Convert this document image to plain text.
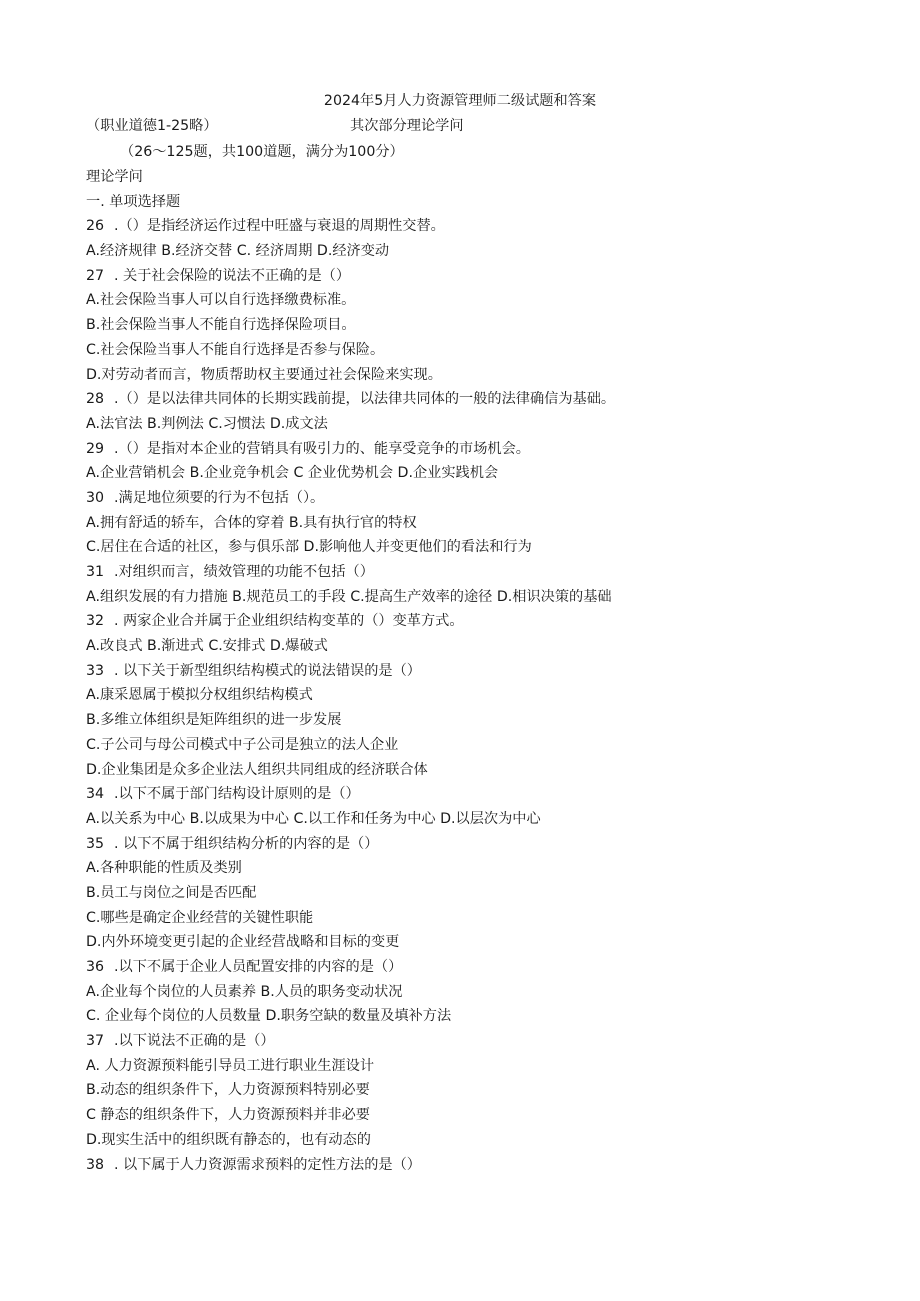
2024年5月人力资源管理师二级试题和答案
（职业道德1-25略）	其次部分理论学问
（26〜125题，共100道题，满分为100分）
理论学问
一. 单项选择题
26 .（）是指经济运作过程中旺盛与衰退的周期性交替。
A.经济规律 B.经济交替 C. 经济周期 D.经济变动
27 . 关于社会保险的说法不正确的是（）
A.社会保险当事人可以自行选择缴费标准。
B.社会保险当事人不能自行选择保险项目。
C.社会保险当事人不能自行选择是否参与保险。
D.对劳动者而言，物质帮助权主要通过社会保险来实现。
28 .（）是以法律共同体的长期实践前提，以法律共同体的一般的法律确信为基础。
A.法官法 B.判例法 C.习惯法 D.成文法
29 .（）是指对本企业的营销具有吸引力的、能享受竞争的市场机会。
A.企业营销机会 B.企业竞争机会 C 企业优势机会 D.企业实践机会
30 .满足地位须要的行为不包括（）。
A.拥有舒适的轿车，合体的穿着 B.具有执行官的特权
C.居住在合适的社区，参与俱乐部 D.影响他人并变更他们的看法和行为
31 .对组织而言，绩效管理的功能不包括（）
A.组织发展的有力措施 B.规范员工的手段 C.提高生产效率的途径 D.相识决策的基础
32 . 两家企业合并属于企业组织结构变革的（）变革方式。
A.改良式 B.渐进式 C.安排式 D.爆破式
33 . 以下关于新型组织结构模式的说法错误的是（）
A.康采恩属于模拟分权组织结构模式
B.多维立体组织是矩阵组织的进一步发展
C.子公司与母公司模式中子公司是独立的法人企业
D.企业集团是众多企业法人组织共同组成的经济联合体
34 .以下不属于部门结构设计原则的是（）
A.以关系为中心 B.以成果为中心 C.以工作和任务为中心 D.以层次为中心
35 . 以下不属于组织结构分析的内容的是（）
A.各种职能的性质及类别
B.员工与岗位之间是否匹配
C.哪些是确定企业经营的关键性职能
D.内外环境变更引起的企业经营战略和目标的变更
36 .以下不属于企业人员配置安排的内容的是（）
A.企业每个岗位的人员素养 B.人员的职务变动状况
C. 企业每个岗位的人员数量 D.职务空缺的数量及填补方法
37 .以下说法不正确的是（）
A. 人力资源预料能引导员工进行职业生涯设计
B.动态的组织条件下，人力资源预料特别必要
C 静态的组织条件下，人力资源预料并非必要
D.现实生活中的组织既有静态的，也有动态的
38 . 以下属于人力资源需求预料的定性方法的是（）
